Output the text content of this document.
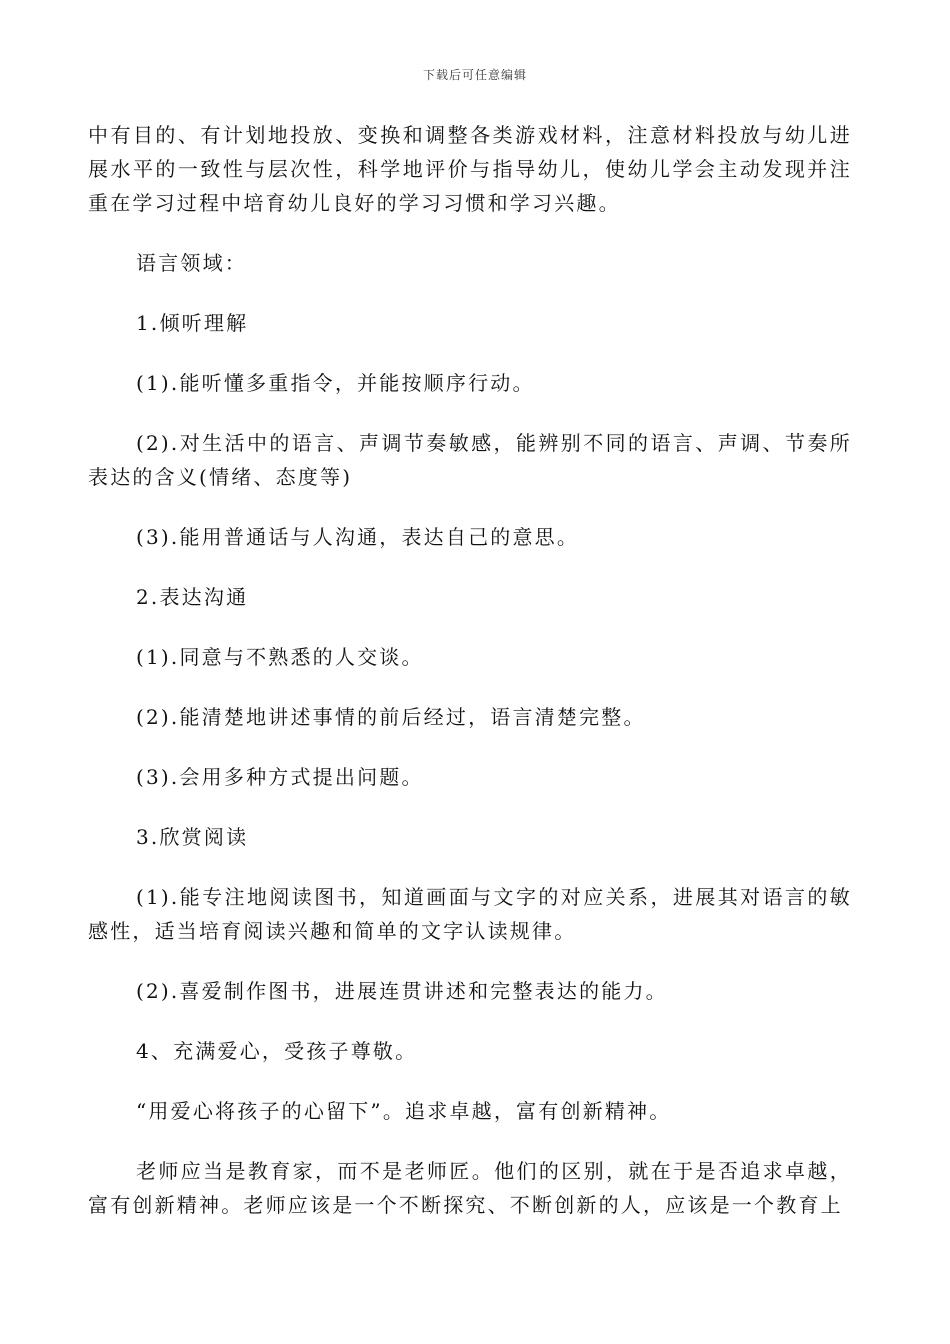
下载后可任意编辑

中有目的、有计划地投放、变换和调整各类游戏材料，注意材料投放与幼儿进展水平的一致性与层次性，科学地评价与指导幼儿，使幼儿学会主动发现并注重在学习过程中培育幼儿良好的学习习惯和学习兴趣。

语言领域：

1.倾听理解

(1).能听懂多重指令，并能按顺序行动。

(2).对生活中的语言、声调节奏敏感，能辨别不同的语言、声调、节奏所表达的含义(情绪、态度等)

(3).能用普通话与人沟通，表达自己的意思。

2.表达沟通

(1).同意与不熟悉的人交谈。

(2).能清楚地讲述事情的前后经过，语言清楚完整。

(3).会用多种方式提出问题。

3.欣赏阅读

(1).能专注地阅读图书，知道画面与文字的对应关系，进展其对语言的敏感性，适当培育阅读兴趣和简单的文字认读规律。

(2).喜爱制作图书，进展连贯讲述和完整表达的能力。

4、充满爱心，受孩子尊敬。

“用爱心将孩子的心留下”。追求卓越，富有创新精神。

老师应当是教育家，而不是老师匠。他们的区别，就在于是否追求卓越，富有创新精神。老师应该是一个不断探究、不断创新的人，应该是一个教育上
